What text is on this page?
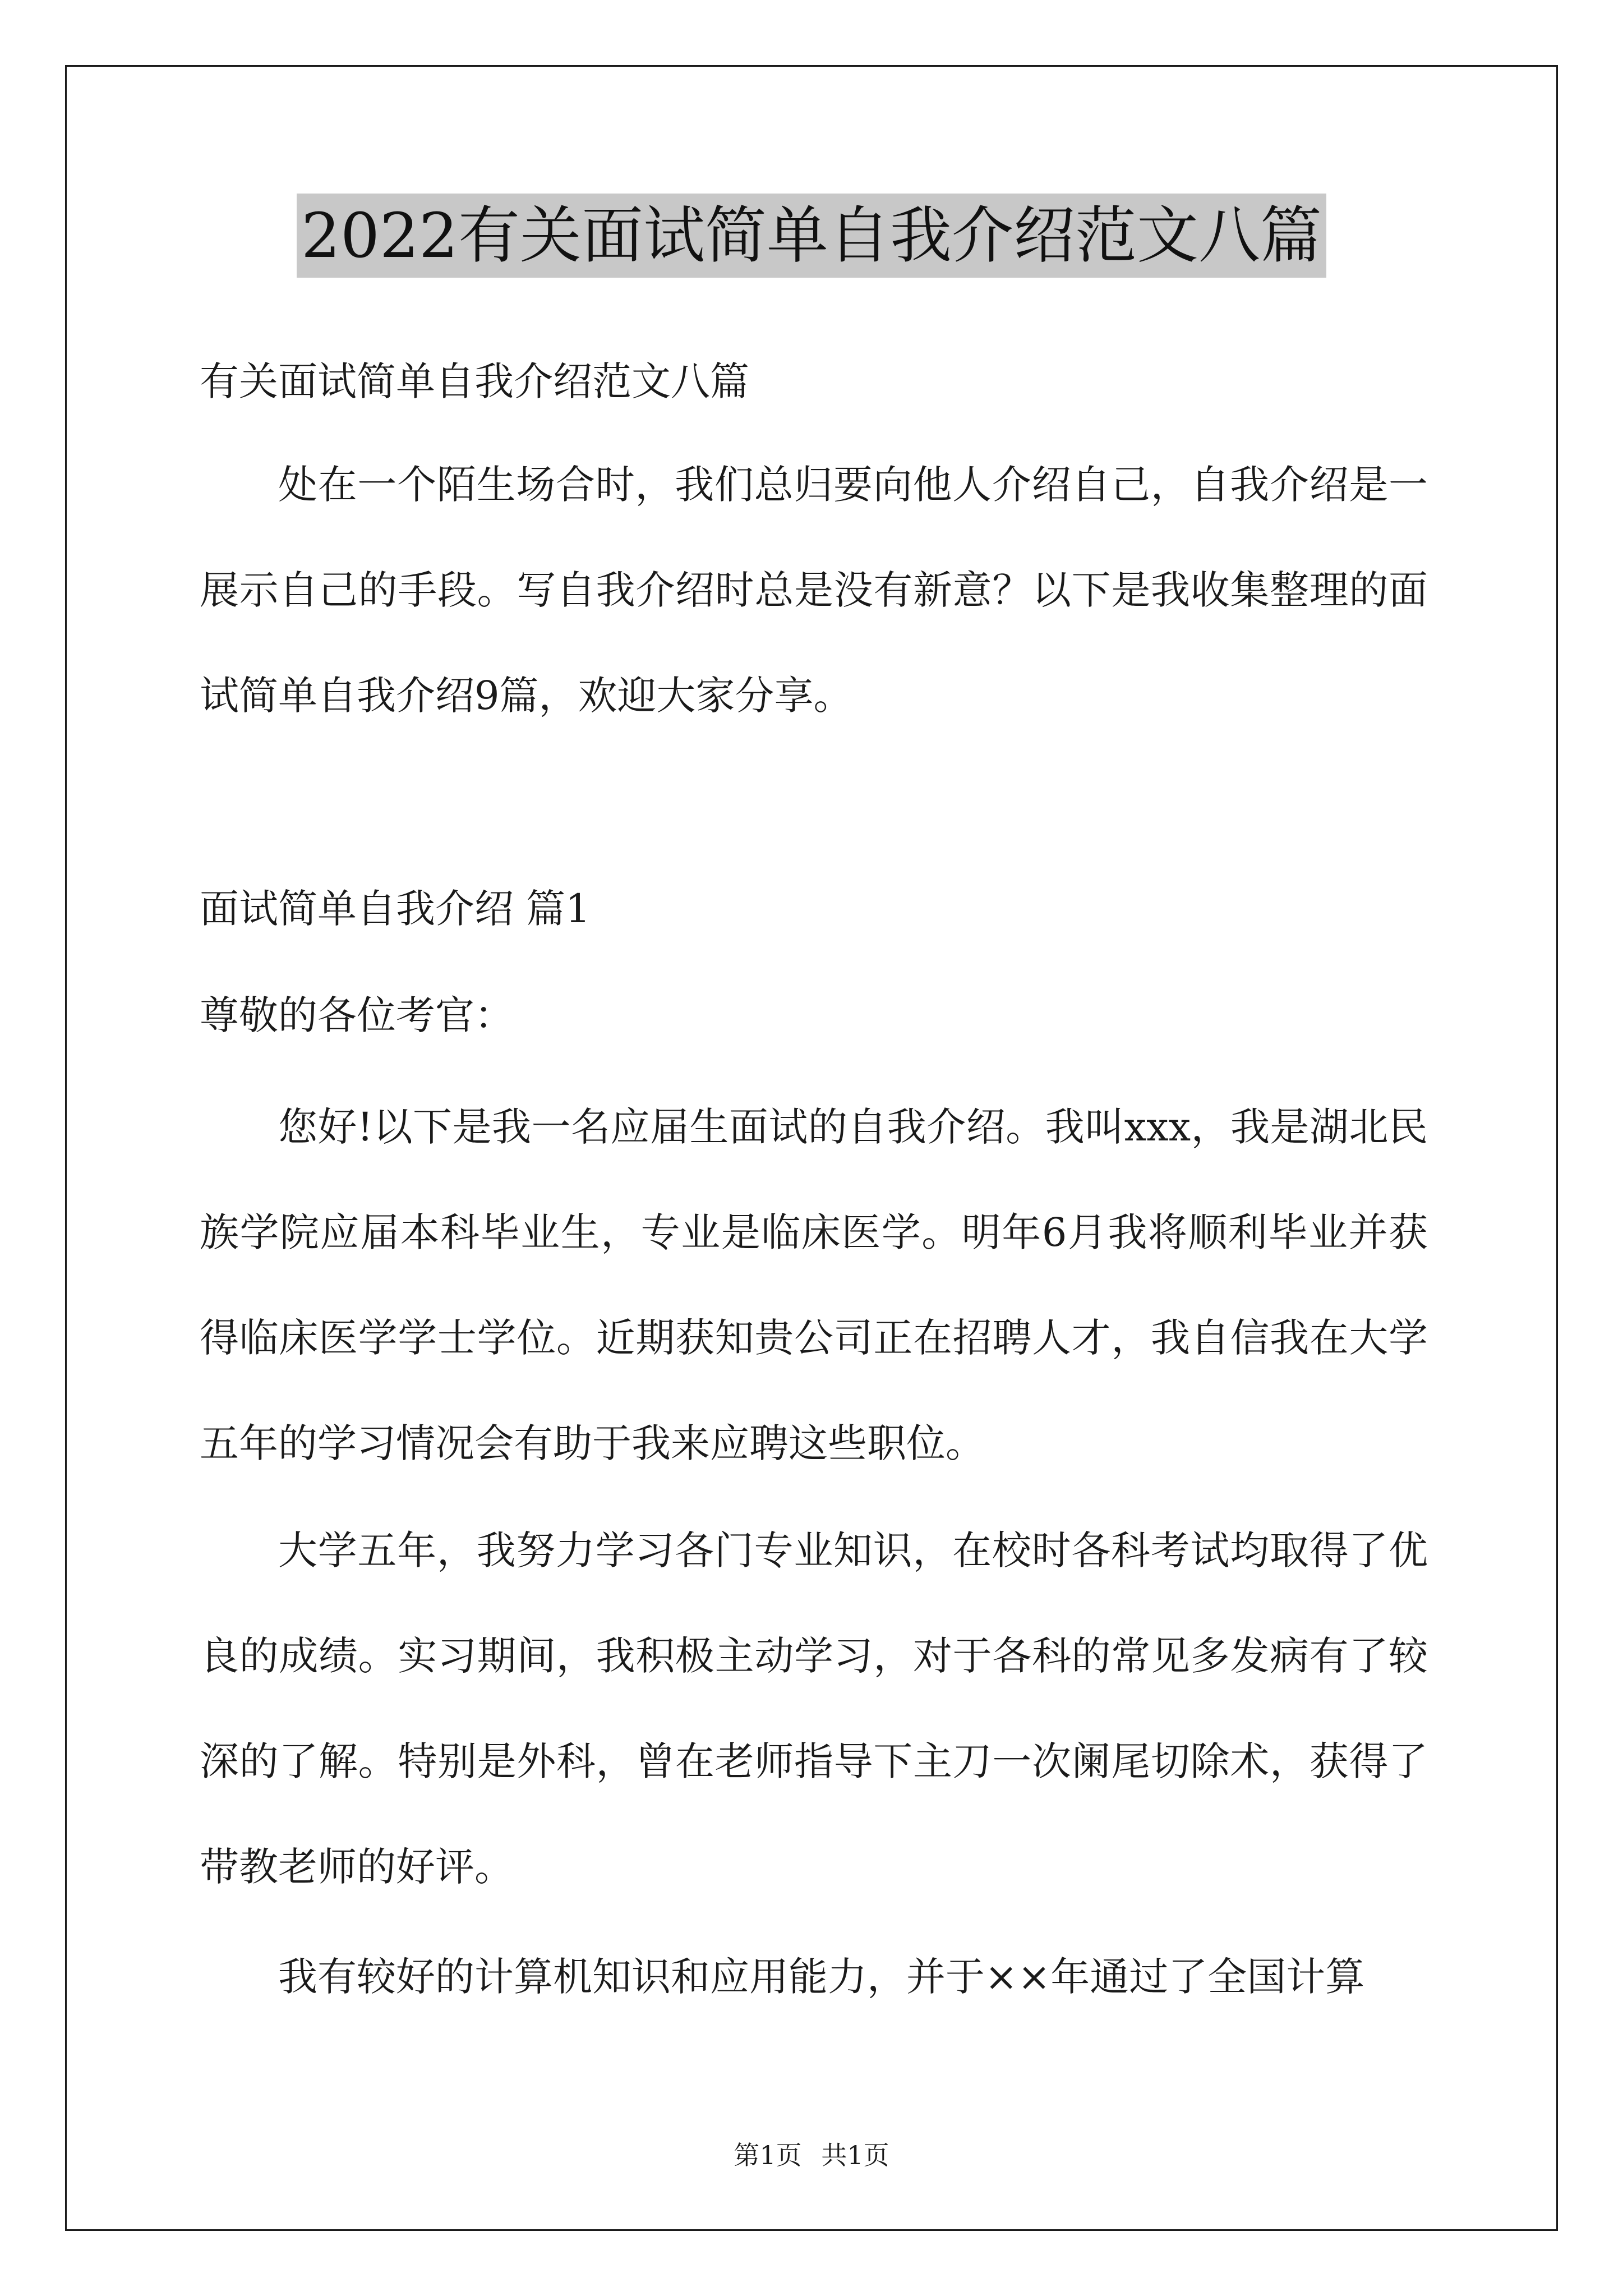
2022有关面试简单自我介绍范文八篇

有关面试简单自我介绍范文八篇

处在一个陌生场合时，我们总归要向他人介绍自己，自我介绍是一展示自己的手段。写自我介绍时总是没有新意？以下是我收集整理的面试简单自我介绍9篇，欢迎大家分享。

面试简单自我介绍 篇1

尊敬的各位考官：

您好!以下是我一名应届生面试的自我介绍。我叫xxx，我是湖北民族学院应届本科毕业生，专业是临床医学。明年6月我将顺利毕业并获得临床医学学士学位。近期获知贵公司正在招聘人才，我自信我在大学五年的学习情况会有助于我来应聘这些职位。

大学五年，我努力学习各门专业知识，在校时各科考试均取得了优良的成绩。实习期间，我积极主动学习，对于各科的常见多发病有了较深的了解。特别是外科，曾在老师指导下主刀一次阑尾切除术，获得了带教老师的好评。

我有较好的计算机知识和应用能力，并于××年通过了全国计算

第1页 共1页
